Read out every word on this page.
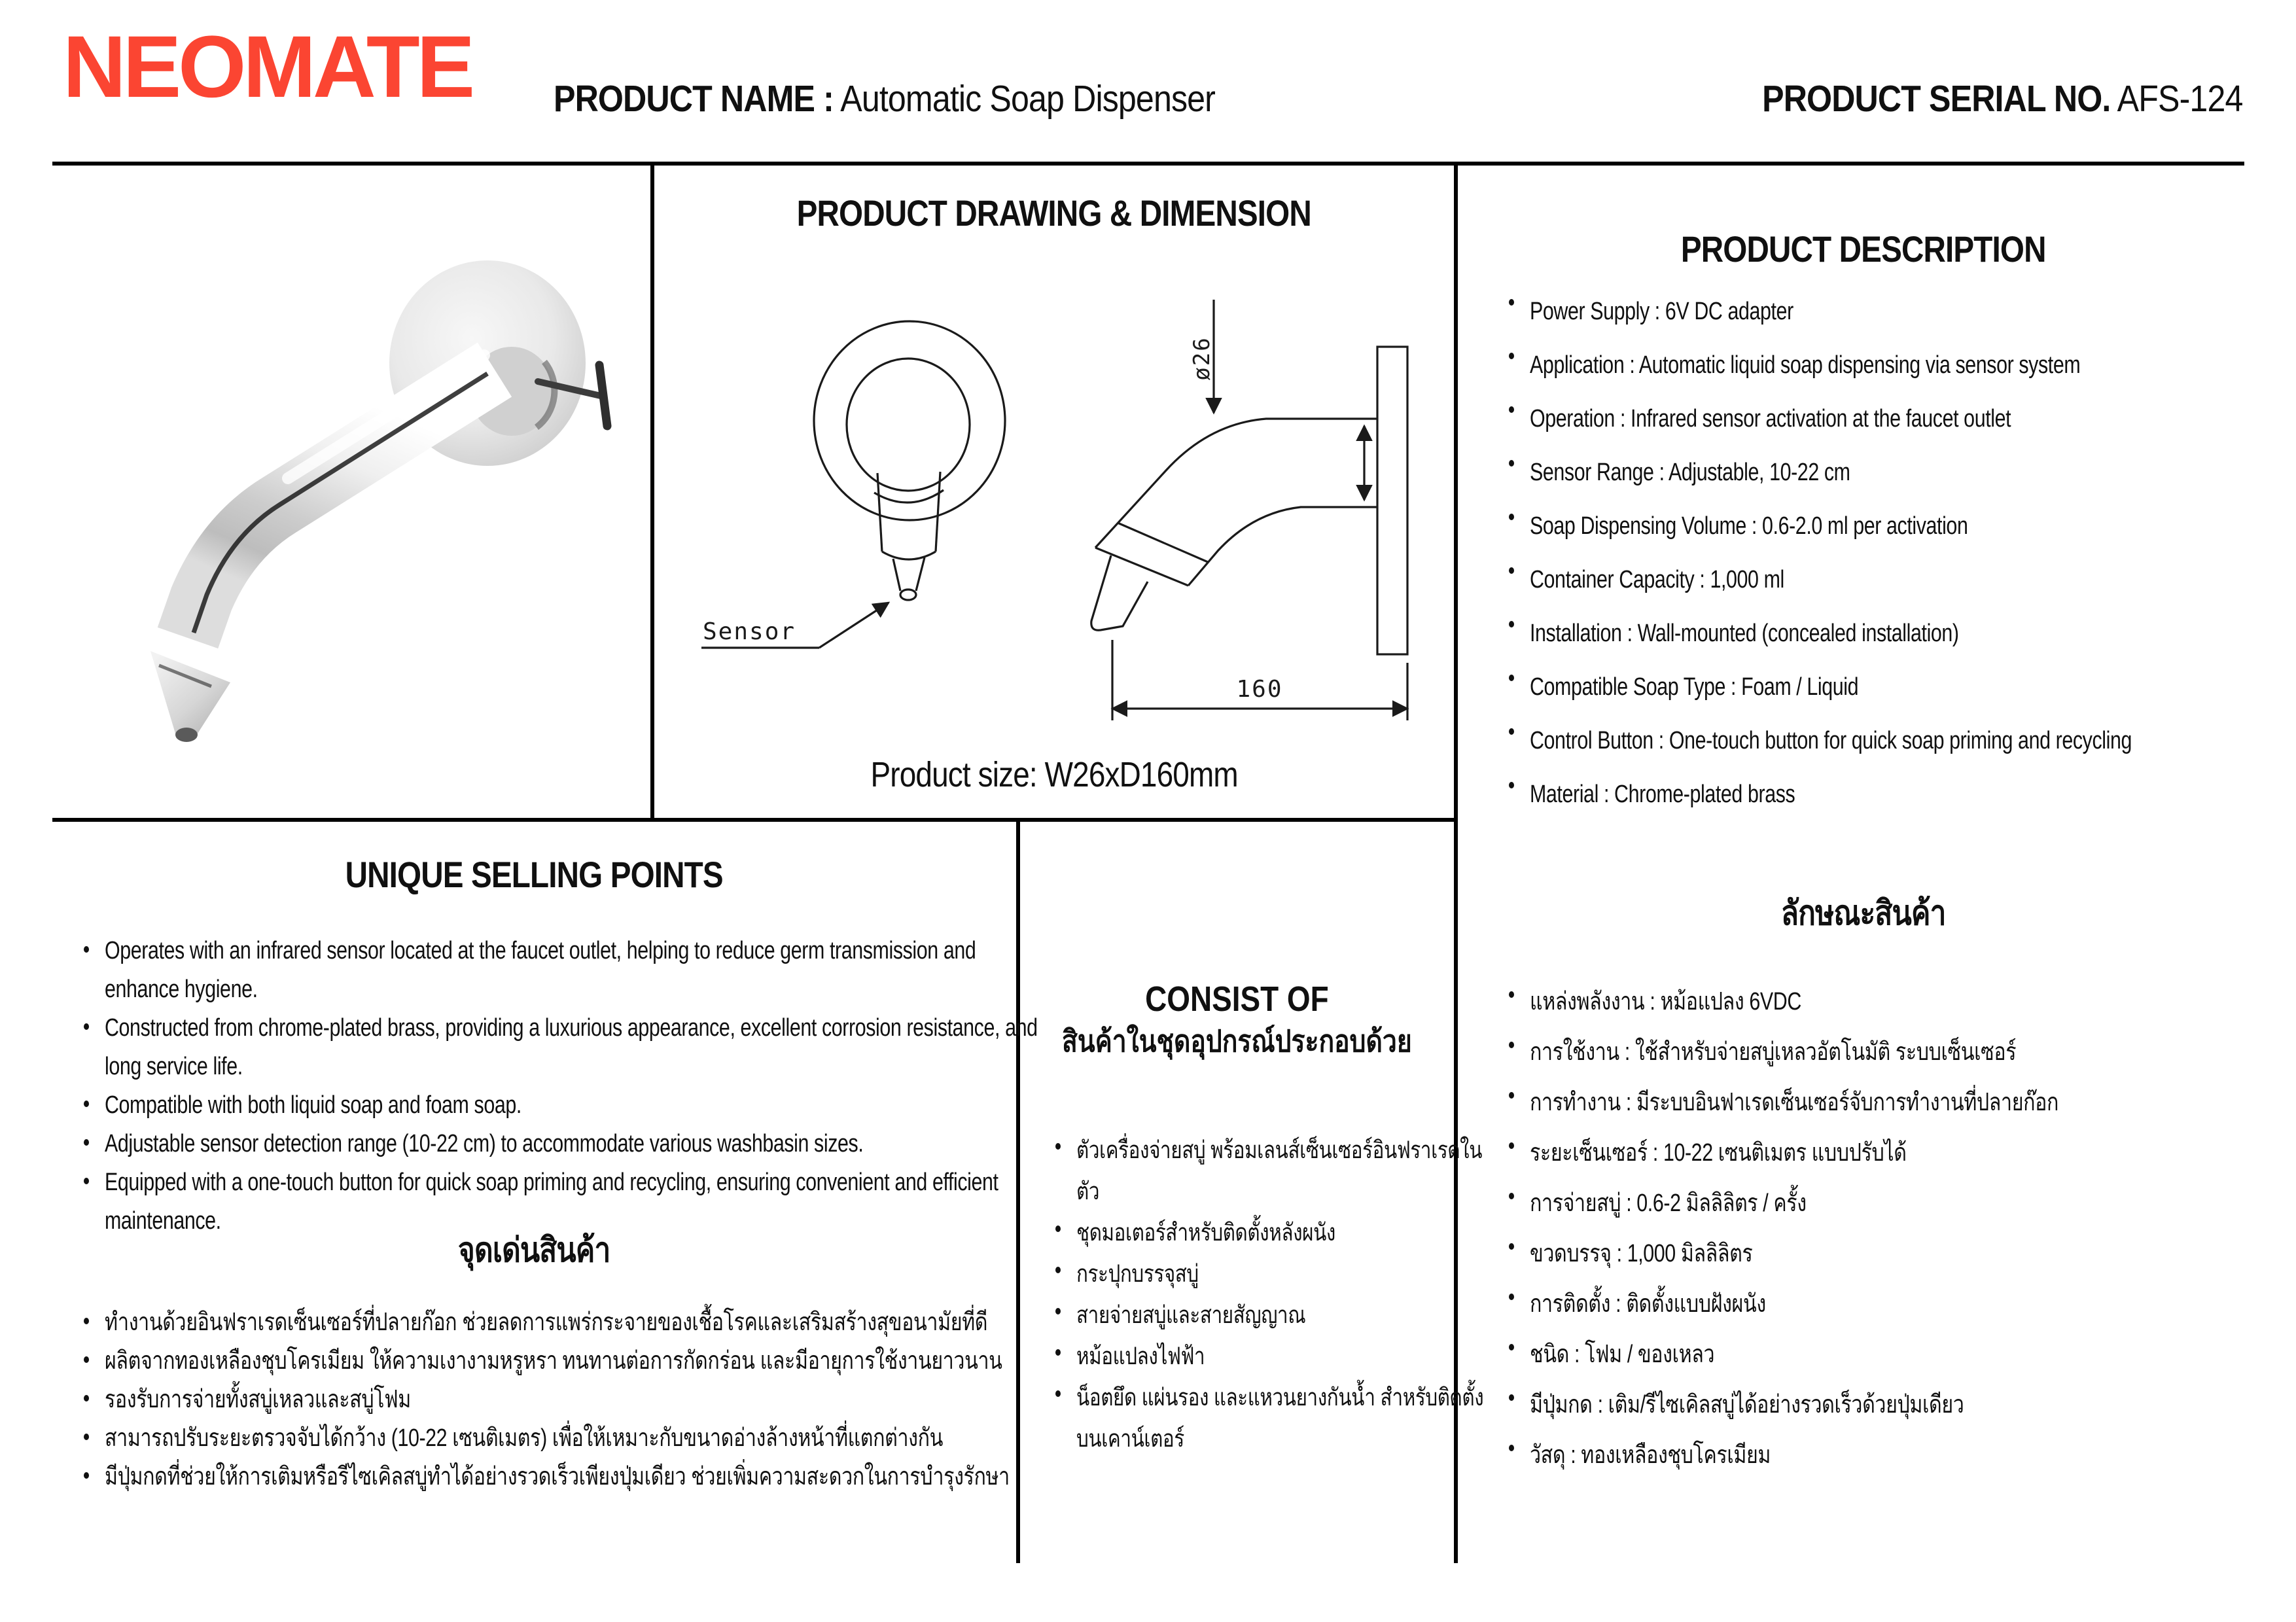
NEOMATE PRODUCT NAME : Automatic Soap Dispenser	PRODUCT SERIAL NO. AFS-124
PRODUCT DRAWING & DIMENSION
Sensor
ø26
160
Product size: W26xD160mm
PRODUCT DESCRIPTION
Power Supply : 6V DC adapter
Application : Automatic liquid soap dispensing via sensor system
Operation : Infrared sensor activation at the faucet outlet
Sensor Range : Adjustable, 10-22 cm
Soap Dispensing Volume : 0.6-2.0 ml per activation
Container Capacity : 1,000 ml
Installation : Wall-mounted (concealed installation)
Compatible Soap Type : Foam / Liquid
Control Button : One-touch button for quick soap priming and recycling
Material : Chrome-plated brass
ลักษณะสินค้า
แหล่งพลังงาน : หม้อแปลง 6VDC
การใช้งาน : ใช้สำหรับจ่ายสบู่เหลวอัตโนมัติ ระบบเซ็นเซอร์
การทำงาน : มีระบบอินฟาเรดเซ็นเซอร์จับการทำงานที่ปลายก๊อก
ระยะเซ็นเซอร์ : 10-22 เซนติเมตร แบบปรับได้
การจ่ายสบู่ : 0.6-2 มิลลิลิตร / ครั้ง
ขวดบรรจุ : 1,000 มิลลิลิตร
การติดตั้ง : ติดตั้งแบบฝังผนัง
ชนิด : โฟม / ของเหลว
มีปุ่มกด : เติม/รีไซเคิลสบู่ได้อย่างรวดเร็วด้วยปุ่มเดียว
วัสดุ : ทองเหลืองชุบโครเมียม
UNIQUE SELLING POINTS
Operates with an infrared sensor located at the faucet outlet, helping to reduce germ transmission and enhance hygiene.
Constructed from chrome-plated brass, providing a luxurious appearance, excellent corrosion resistance, and long service life.
Compatible with both liquid soap and foam soap.
Adjustable sensor detection range (10-22 cm) to accommodate various washbasin sizes.
Equipped with a one-touch button for quick soap priming and recycling, ensuring convenient and efficient maintenance.
จุดเด่นสินค้า
ทำงานด้วยอินฟราเรดเซ็นเซอร์ที่ปลายก๊อก ช่วยลดการแพร่กระจายของเชื้อโรคและเสริมสร้างสุขอนามัยที่ดี
ผลิตจากทองเหลืองชุบโครเมียม ให้ความเงางามหรูหรา ทนทานต่อการกัดกร่อน และมีอายุการใช้งานยาวนาน
รองรับการจ่ายทั้งสบู่เหลวและสบู่โฟม
สามารถปรับระยะตรวจจับได้กว้าง (10-22 เซนติเมตร) เพื่อให้เหมาะกับขนาดอ่างล้างหน้าที่แตกต่างกัน
มีปุ่มกดที่ช่วยให้การเติมหรือรีไซเคิลสบู่ทำได้อย่างรวดเร็วเพียงปุ่มเดียว ช่วยเพิ่มความสะดวกในการบำรุงรักษา
CONSIST OF
สินค้าในชุดอุปกรณ์ประกอบด้วย
ตัวเครื่องจ่ายสบู่ พร้อมเลนส์เซ็นเซอร์อินฟราเรดในตัว
ชุดมอเตอร์สำหรับติดตั้งหลังผนัง
กระปุกบรรจุสบู่
สายจ่ายสบู่และสายสัญญาณ
หม้อแปลงไฟฟ้า
น็อตยึด แผ่นรอง และแหวนยางกันน้ำ สำหรับติดตั้งบนเคาน์เตอร์
